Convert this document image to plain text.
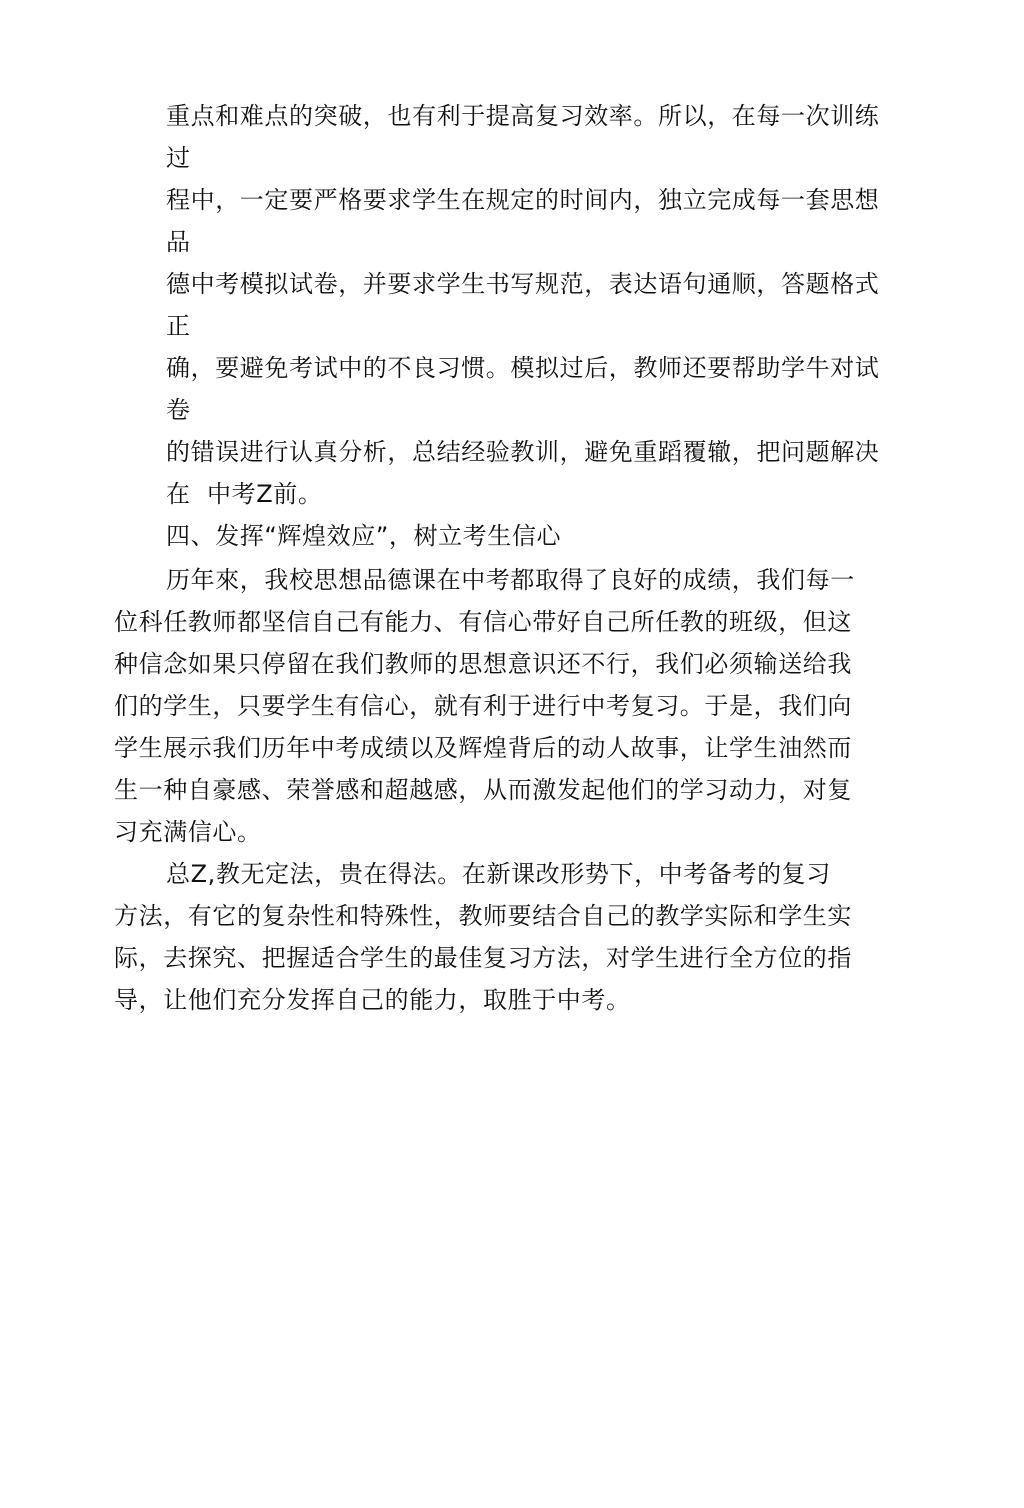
重点和难点的突破，也有利于提高复习效率。所以，在每一次训练
过
程中，一定要严格要求学生在规定的时间内，独立完成每一套思想
品
德中考模拟试卷，并要求学生书写规范，表达语句通顺，答题格式
正
确，要避免考试中的不良习惯。模拟过后，教师还要帮助学牛对试
卷
的错误进行认真分析，总结经验教训，避免重蹈覆辙，把问题解决
在  中考Z前。
四、发挥“辉煌效应”，树立考生信心
历年來，我校思想品德课在中考都取得了良好的成绩，我们每一
位科任教师都坚信自己有能力、有信心带好自己所任教的班级，但这
种信念如果只停留在我们教师的思想意识还不行，我们必须输送给我
们的学生，只要学生有信心，就有利于进行中考复习。于是，我们向
学生展示我们历年中考成绩以及辉煌背后的动人故事，让学生油然而
生一种自豪感、荣誉感和超越感，从而激发起他们的学习动力，对复
习充满信心。
总Z,教无定法，贵在得法。在新课改形势下，中考备考的复习
方法，有它的复杂性和特殊性，教师要结合自己的教学实际和学生实
际，去探究、把握适合学生的最佳复习方法，对学生进行全方位的指
导，让他们充分发挥自己的能力，取胜于中考。
